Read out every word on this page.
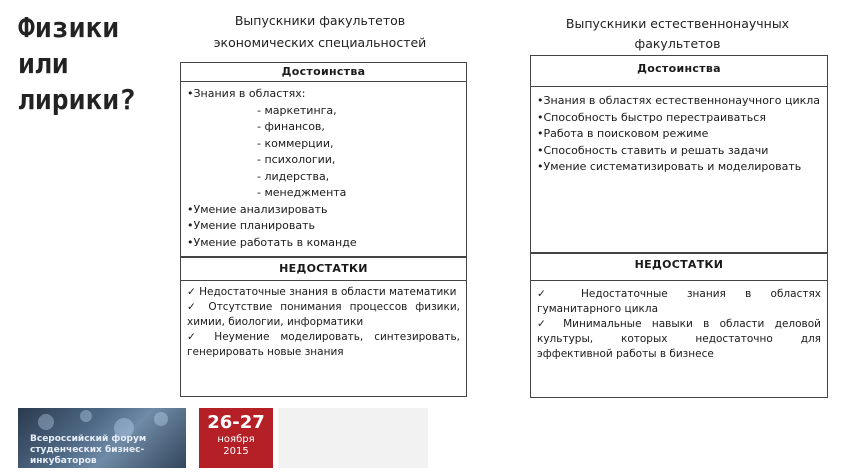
Физики
или
лирики?
Выпускники факультетов
экономических специальностей
Достоинства
•Знания в областях:
- маркетинга,
- финансов,
- коммерции,
- психологии,
- лидерства,
- менеджмента
•Умение анализировать
•Умение планировать
•Умение работать в команде
НЕДОСТАТКИ
✓ Недостаточные знания в области математики
✓ Отсутствие понимания процессов физики, химии, биологии, информатики
✓ Неумение моделировать, синтезировать, генерировать новые знания
Выпускники естественнонаучных
факультетов
Достоинства
•Знания в областях естественнонаучного цикла
•Способность быстро перестраиваться
•Работа в поисковом режиме
•Способность ставить и решать задачи
•Умение систематизировать и моделировать
НЕДОСТАТКИ
✓ Недостаточные знания в областях гуманитарного цикла
✓ Минимальные навыки в области деловой культуры, которых недостаточно для эффективной работы в бизнесе
Всероссийский форум студенческих бизнес-инкубаторов
26-27
ноября
2015
